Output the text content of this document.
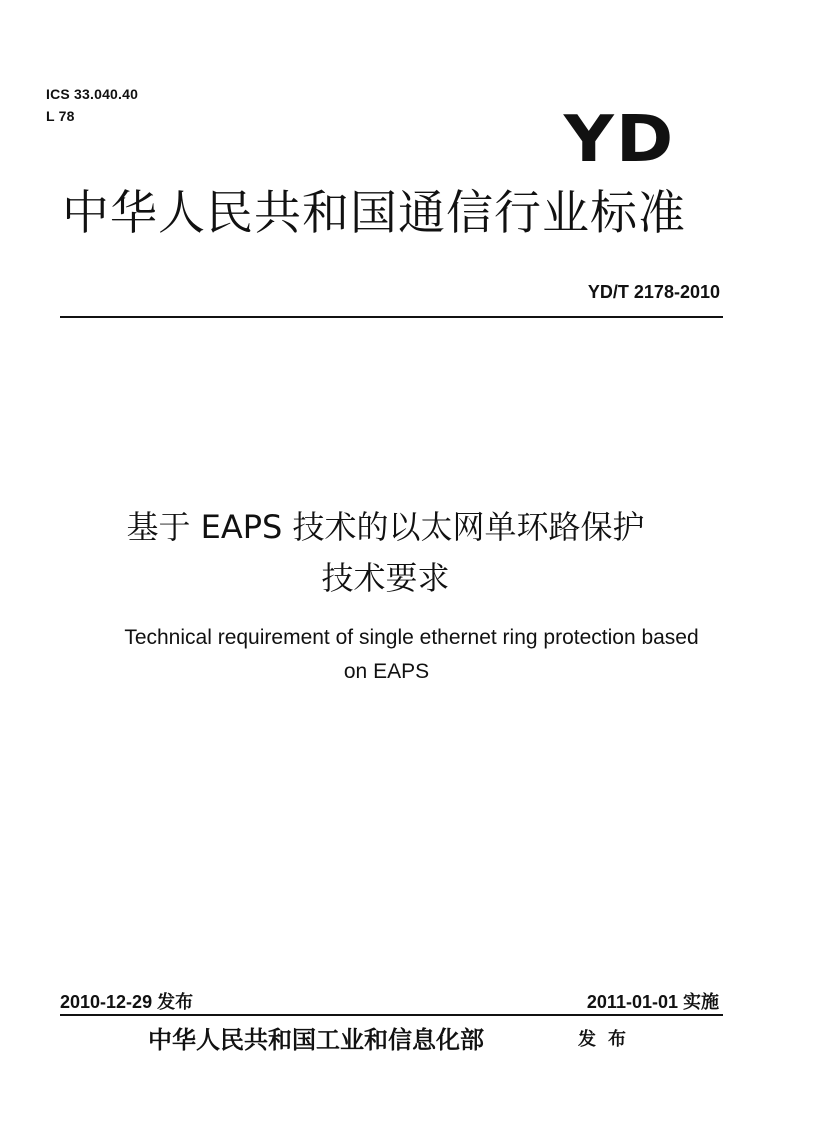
ICS 33.040.40
L 78	YD
中华人民共和国通信行业标准
YD/T 2178-2010
基于 EAPS 技术的以太网单环路保护
技术要求
Technical requirement of single ethernet ring protection based
on EAPS
2010-12-29 发布	2011-01-01 实施
中华人民共和国工业和信息化部	发布
